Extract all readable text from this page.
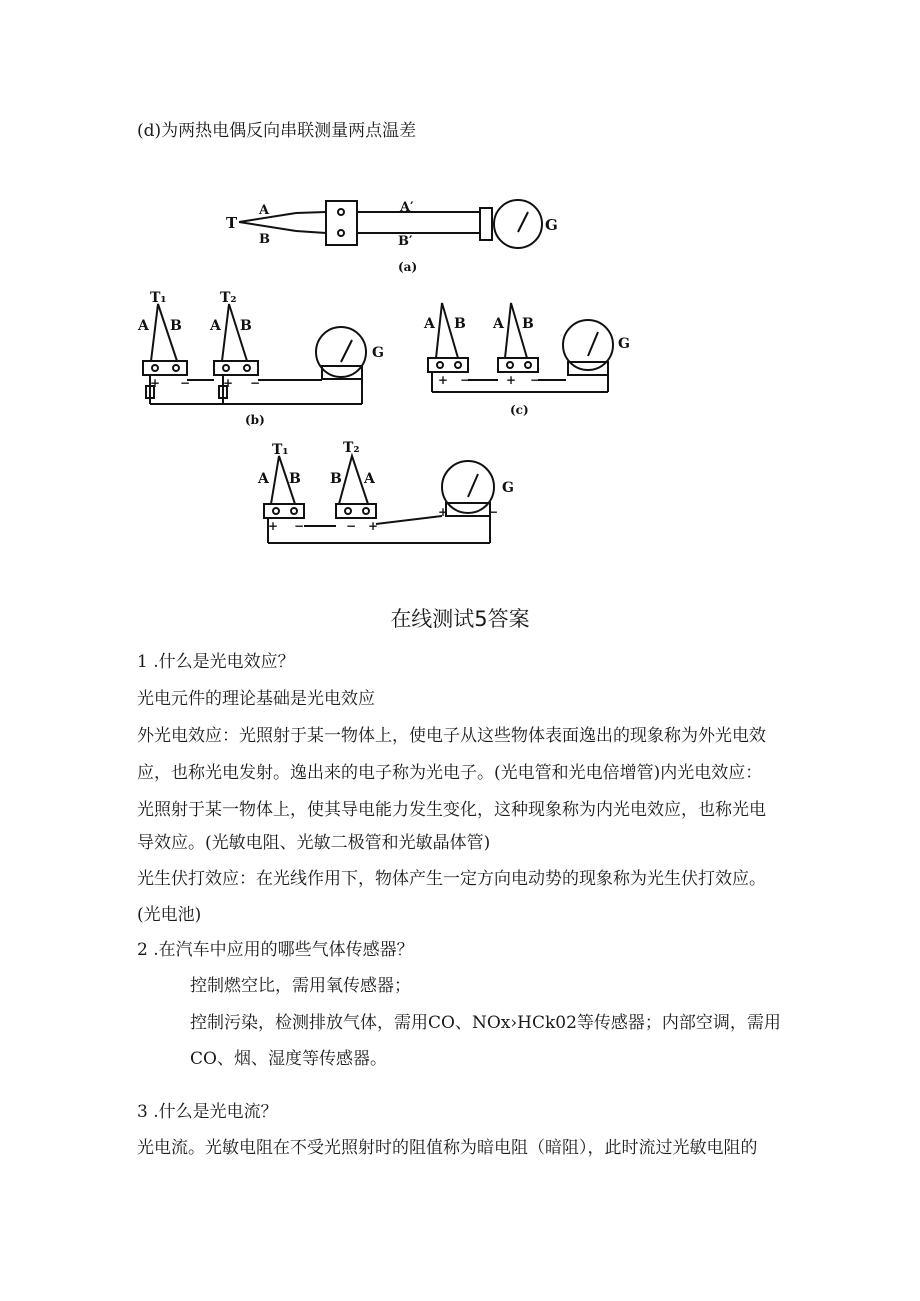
(d)为两热电偶反向串联测量两点温差
T
A
B
A′
B′
G
(a)
T₁	T₂
A B A B
G
+ −	+ −
(b)
A B A B
G
+ −	+ −
(c)
T₁	T₂
A B B A
G
+ −	− +
+	−
在线测试5答案
1 .什么是光电效应？
光电元件的理论基础是光电效应
外光电效应：光照射于某一物体上，使电子从这些物体表面逸出的现象称为外光电效
应，也称光电发射。逸出来的电子称为光电子。(光电管和光电倍增管)内光电效应：
光照射于某一物体上，使其导电能力发生变化，这种现象称为内光电效应，也称光电
导效应。(光敏电阻、光敏二极管和光敏晶体管)
光生伏打效应：在光线作用下，物体产生一定方向电动势的现象称为光生伏打效应。
(光电池)
2 .在汽车中应用的哪些气体传感器？
控制燃空比，需用氧传感器；
控制污染，检测排放气体，需用CO、NOx›HCk02等传感器；内部空调，需用
CO、烟、湿度等传感器。
3 .什么是光电流？
光电流。光敏电阻在不受光照射时的阻值称为暗电阻（暗阻），此时流过光敏电阻的
